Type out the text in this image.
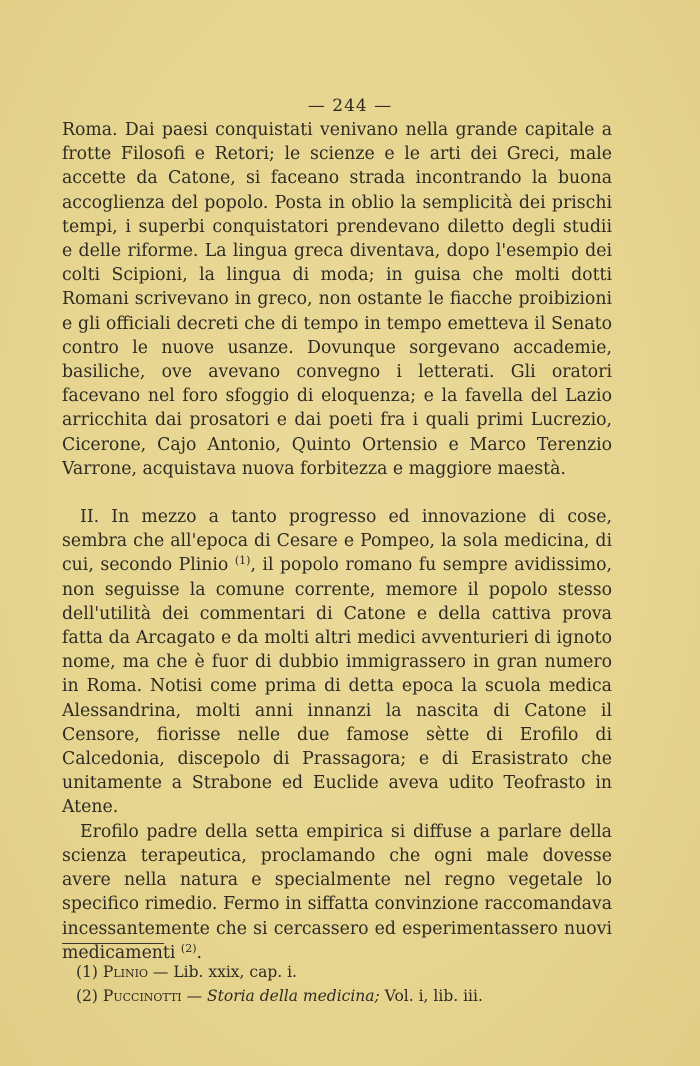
— 244 —

Roma. Dai paesi conquistati venivano nella grande capitale a frotte Filosofi e Retori; le scienze e le arti dei Greci, male accette da Catone, si faceano strada incontrando la buona accoglienza del popolo. Posta in oblio la semplicità dei prischi tempi, i superbi conquistatori prendevano diletto degli studii e delle riforme. La lingua greca diventava, dopo l'esempio dei colti Scipioni, la lingua di moda; in guisa che molti dotti Romani scrivevano in greco, non ostante le fiacche proibizioni e gli officiali decreti che di tempo in tempo emetteva il Senato contro le nuove usanze. Dovunque sorgevano accademie, basiliche, ove avevano convegno i letterati. Gli oratori facevano nel foro sfoggio di eloquenza; e la favella del Lazio arricchita dai prosatori e dai poeti fra i quali primi Lucrezio, Cicerone, Cajo Antonio, Quinto Ortensio e Marco Terenzio Varrone, acquistava nuova forbitezza e maggiore maestà.

II. In mezzo a tanto progresso ed innovazione di cose, sembra che all'epoca di Cesare e Pompeo, la sola medicina, di cui, secondo Plinio $^{(1)}$, il popolo romano fu sempre avidissimo, non seguisse la comune corrente, memore il popolo stesso dell'utilità dei commentari di Catone e della cattiva prova fatta da Arcagato e da molti altri medici avventurieri di ignoto nome, ma che è fuor di dubbio immigrassero in gran numero in Roma. Notisi come prima di detta epoca la scuola medica Alessandrina, molti anni innanzi la nascita di Catone il Censore, fiorisse nelle due famose sètte di Erofilo di Calcedonia, discepolo di Prassagora; e di Erasistrato che unitamente a Strabone ed Euclide aveva udito Teofrasto in Atene.

Erofilo padre della setta empirica si diffuse a parlare della scienza terapeutica, proclamando che ogni male dovesse avere nella natura e specialmente nel regno vegetale lo specifico rimedio. Fermo in siffatta convinzione raccomandava incessantemente che si cercassero ed esperimentassero nuovi medicamenti $^{(2)}$.

(1) Plinio — Lib. xxix, cap. i.

(2) Puccinotti — Storia della medicina; Vol. i, lib. iii.
